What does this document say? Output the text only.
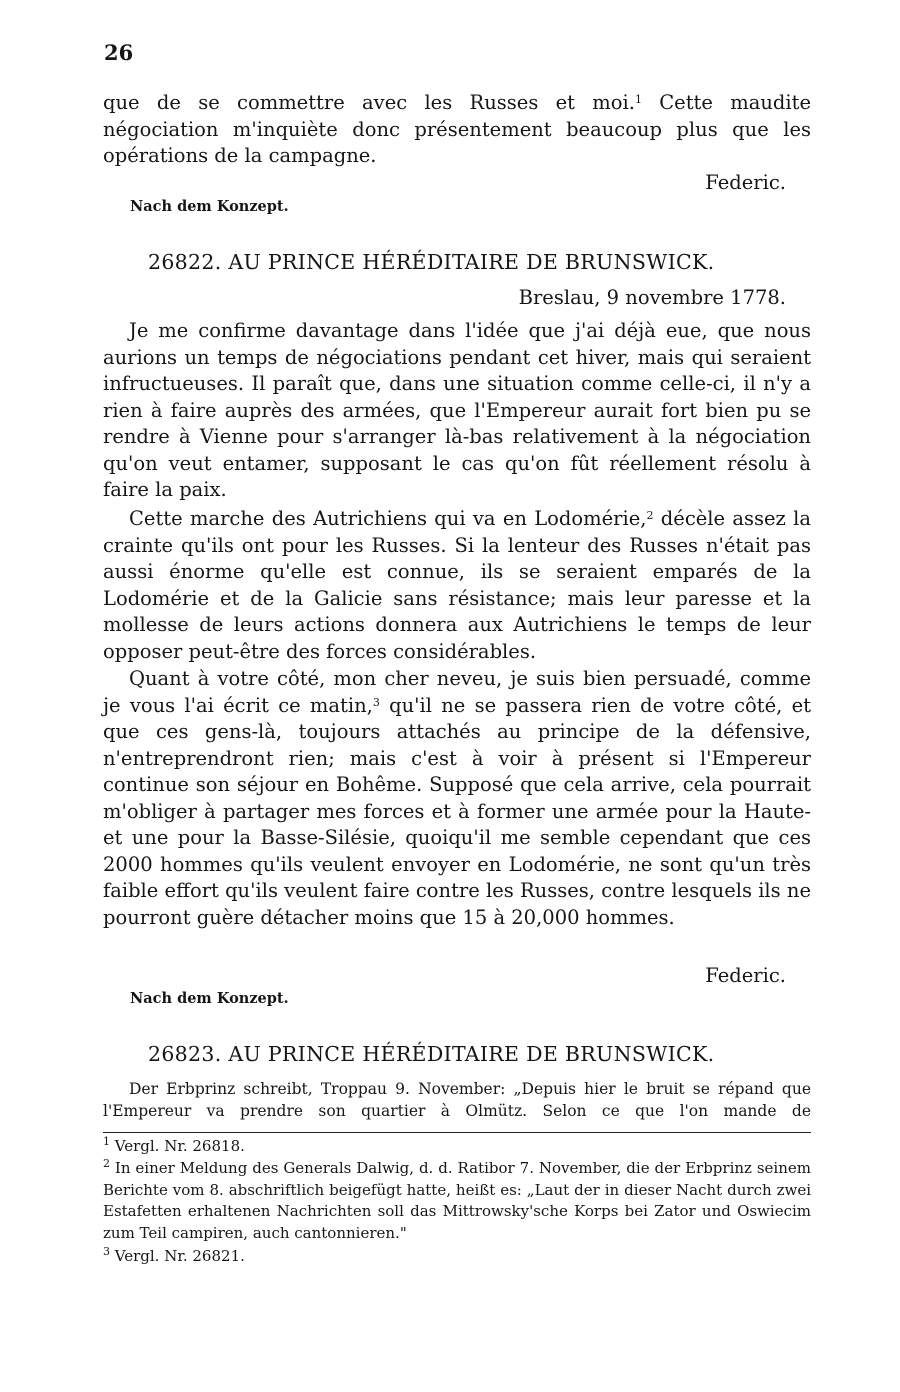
26

que de se commettre avec les Russes et moi.$^1$ Cette maudite négociation m'inquiète donc présentement beaucoup plus que les opérations de la campagne.

Federic.
Nach dem Konzept.
26822. AU PRINCE HÉRÉDITAIRE DE BRUNSWICK.
Breslau, 9 novembre 1778.

Je me confirme davantage dans l'idée que j'ai déjà eue, que nous aurions un temps de négociations pendant cet hiver, mais qui seraient infructueuses. Il paraît que, dans une situation comme celle-ci, il n'y a rien à faire auprès des armées, que l'Empereur aurait fort bien pu se rendre à Vienne pour s'arranger là-bas relativement à la négociation qu'on veut entamer, supposant le cas qu'on fût réellement résolu à faire la paix.

Cette marche des Autrichiens qui va en Lodomérie,$^2$ décèle assez la crainte qu'ils ont pour les Russes. Si la lenteur des Russes n'était pas aussi énorme qu'elle est connue, ils se seraient emparés de la Lodomérie et de la Galicie sans résistance; mais leur paresse et la mollesse de leurs actions donnera aux Autrichiens le temps de leur opposer peut-être des forces considérables.

Quant à votre côté, mon cher neveu, je suis bien persuadé, comme je vous l'ai écrit ce matin,$^3$ qu'il ne se passera rien de votre côté, et que ces gens-là, toujours attachés au principe de la défensive, n'entreprendront rien; mais c'est à voir à présent si l'Empereur continue son séjour en Bohême. Supposé que cela arrive, cela pourrait m'obliger à partager mes forces et à former une armée pour la Haute- et une pour la Basse-Silésie, quoiqu'il me semble cependant que ces 2000 hommes qu'ils veulent envoyer en Lodomérie, ne sont qu'un très faible effort qu'ils veulent faire contre les Russes, contre lesquels ils ne pourront guère détacher moins que 15 à 20,000 hommes.

Federic.
Nach dem Konzept.
26823. AU PRINCE HÉRÉDITAIRE DE BRUNSWICK.

Der Erbprinz schreibt, Troppau 9. November: „Depuis hier le bruit se répand que l'Empereur va prendre son quartier à Olmütz. Selon ce que l'on mande de

$^1$ Vergl. Nr. 26818.

$^2$ In einer Meldung des Generals Dalwig, d. d. Ratibor 7. November, die der Erbprinz seinem Berichte vom 8. abschriftlich beigefügt hatte, heißt es: „Laut der in dieser Nacht durch zwei Estafetten erhaltenen Nachrichten soll das Mittrowsky'sche Korps bei Zator und Oswiecim zum Teil campiren, auch cantonnieren."

$^3$ Vergl. Nr. 26821.
